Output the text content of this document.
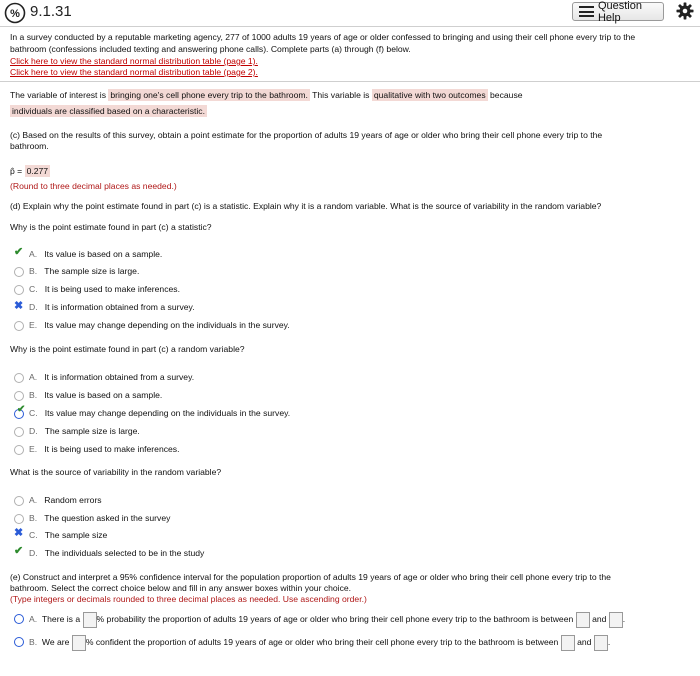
% 9.1.31	Question Help
In a survey conducted by a reputable marketing agency, 277 of 1000 adults 19 years of age or older confessed to bringing and using their cell phone every trip to the
bathroom (confessions included texting and answering phone calls). Complete parts (a) through (f) below.
Click here to view the standard normal distribution table (page 1).
Click here to view the standard normal distribution table (page 2).
The variable of interest is bringing one's cell phone every trip to the bathroom. This variable is qualitative with two outcomes because
individuals are classified based on a characteristic.
(c) Based on the results of this survey, obtain a point estimate for the proportion of adults 19 years of age or older who bring their cell phone every trip to the
bathroom.
p̂ = 0.277
(Round to three decimal places as needed.)
(d) Explain why the point estimate found in part (c) is a statistic. Explain why it is a random variable. What is the source of variability in the random variable?
Why is the point estimate found in part (c) a statistic?
✔ A. Its value is based on a sample.
B. The sample size is large.
C. It is being used to make inferences.
✖ D. It is information obtained from a survey.
E. Its value may change depending on the individuals in the survey.
Why is the point estimate found in part (c) a random variable?
A. It is information obtained from a survey.
B. Its value is based on a sample.
✔ C. Its value may change depending on the individuals in the survey.
D. The sample size is large.
E. It is being used to make inferences.
What is the source of variability in the random variable?
A. Random errors
B. The question asked in the survey
✖ C. The sample size
✔ D. The individuals selected to be in the study
(e) Construct and interpret a 95% confidence interval for the population proportion of adults 19 years of age or older who bring their cell phone every trip to the
bathroom. Select the correct choice below and fill in any answer boxes within your choice.
(Type integers or decimals rounded to three decimal places as needed. Use ascending order.)
A. There is a % probability the proportion of adults 19 years of age or older who bring their cell phone every trip to the bathroom is between and .
B. We are % confident the proportion of adults 19 years of age or older who bring their cell phone every trip to the bathroom is between and .
